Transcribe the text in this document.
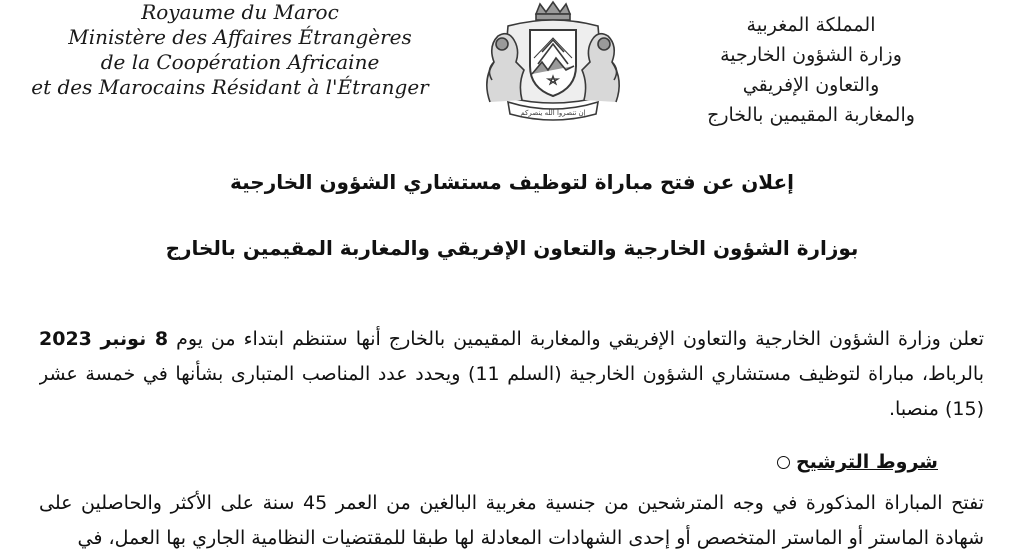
Royaume du Maroc
Ministère des Affaires Étrangères
de la Coopération Africaine
et des Marocains Résidant à l'Étranger
إن تنصروا الله ينصركم
المملكة المغربية
وزارة الشؤون الخارجية
والتعاون الإفريقي
والمغاربة المقيمين بالخارج
إعلان عن فتح مباراة لتوظيف مستشاري الشؤون الخارجية
بوزارة الشؤون الخارجية والتعاون الإفريقي والمغاربة المقيمين بالخارج
تعلن وزارة الشؤون الخارجية والتعاون الإفريقي والمغاربة المقيمين بالخارج أنها ستنظم ابتداء من يوم 8 نونبر 2023 بالرباط، مباراة لتوظيف مستشاري الشؤون الخارجية (السلم 11) ويحدد عدد المناصب المتبارى بشأنها في خمسة عشر (15) منصبا.
شروط الترشيح
تفتح المباراة المذكورة في وجه المترشحين من جنسية مغربية البالغين من العمر 45 سنة على الأكثر والحاصلين على شهادة الماستر أو الماستر المتخصص أو إحدى الشهادات المعادلة لها طبقا للمقتضيات النظامية الجاري بها العمل، في
